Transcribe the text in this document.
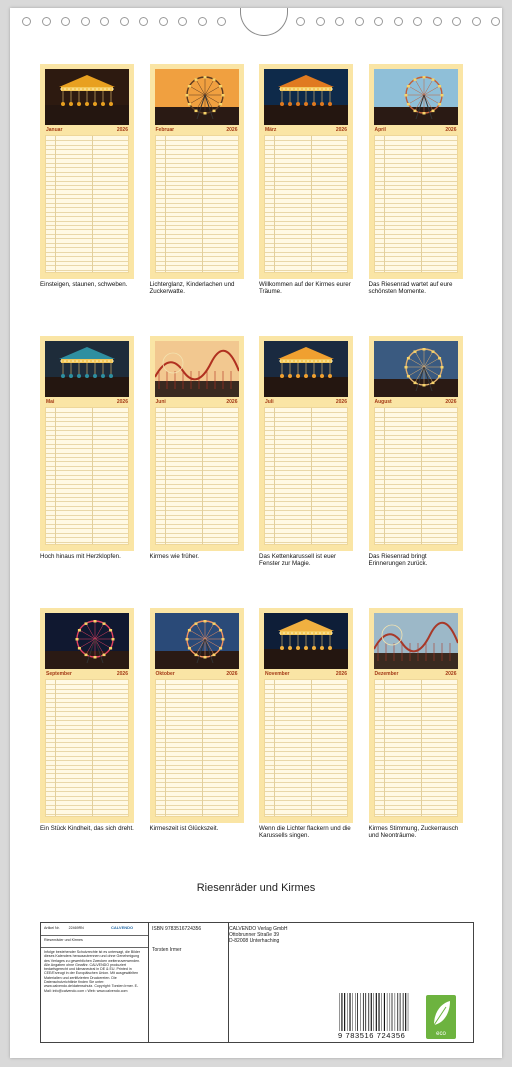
Januar	2026
Einsteigen, staunen, schweben.
Februar	2026
Lichterglanz, Kinderlachen und Zuckerwatte.
März	2026
Willkommen auf der Kirmes eurer Träume.
April	2026
Das Riesenrad wartet auf eure schönsten Momente.
Mai	2026
Hoch hinaus mit Herzklopfen.
Juni	2026
Kirmes wie früher.
Juli	2026
Das Kettenkarussell ist euer Fenster zur Magie.
August	2026
Das Riesenrad bringt Erinnerungen zurück.
September	2026
Ein Stück Kindheit, das sich dreht.
Oktober	2026
Kirmeszeit ist Glückszeit.
November	2026
Wenn die Lichter flackern und die Karussells singen.
Dezember	2026
Kirmes Stimmung, Zuckerrausch und Neonträume.
Riesenräder und Kirmes
Artikel Nr.	22469RN	CALVENDO
Riesenräder und Kirmes
Infolge bestehender Schutzrechte ist es untersagt, die Bilder dieses Kalenders herauszutrennen und ohne Genehmigung des Verlages zu gewerblichen Zwecken weiterzuverwenden. Alle Angaben ohne Gewähr. CALVENDO produziert bedarfsgerecht und klimaneutral in DE & EU. Printed in CEE/Erzeugt in der Europäischen Union. Mit ausgewählten Materialien und zertifizierten Druckereien. Die Datenschutzrichtlinie finden Sie unter: www.calvendo.de/datenschutz. Copyright: Torsten Irmer. E-Mail: info@calvendo.com • Web: www.calvendo.com
ISBN 9783516724356
Torsten Irmer
CALVENDO Verlag GmbH
Ottobrunner Straße 39
D-82008 Unterhaching
9 783516 724356	eco
